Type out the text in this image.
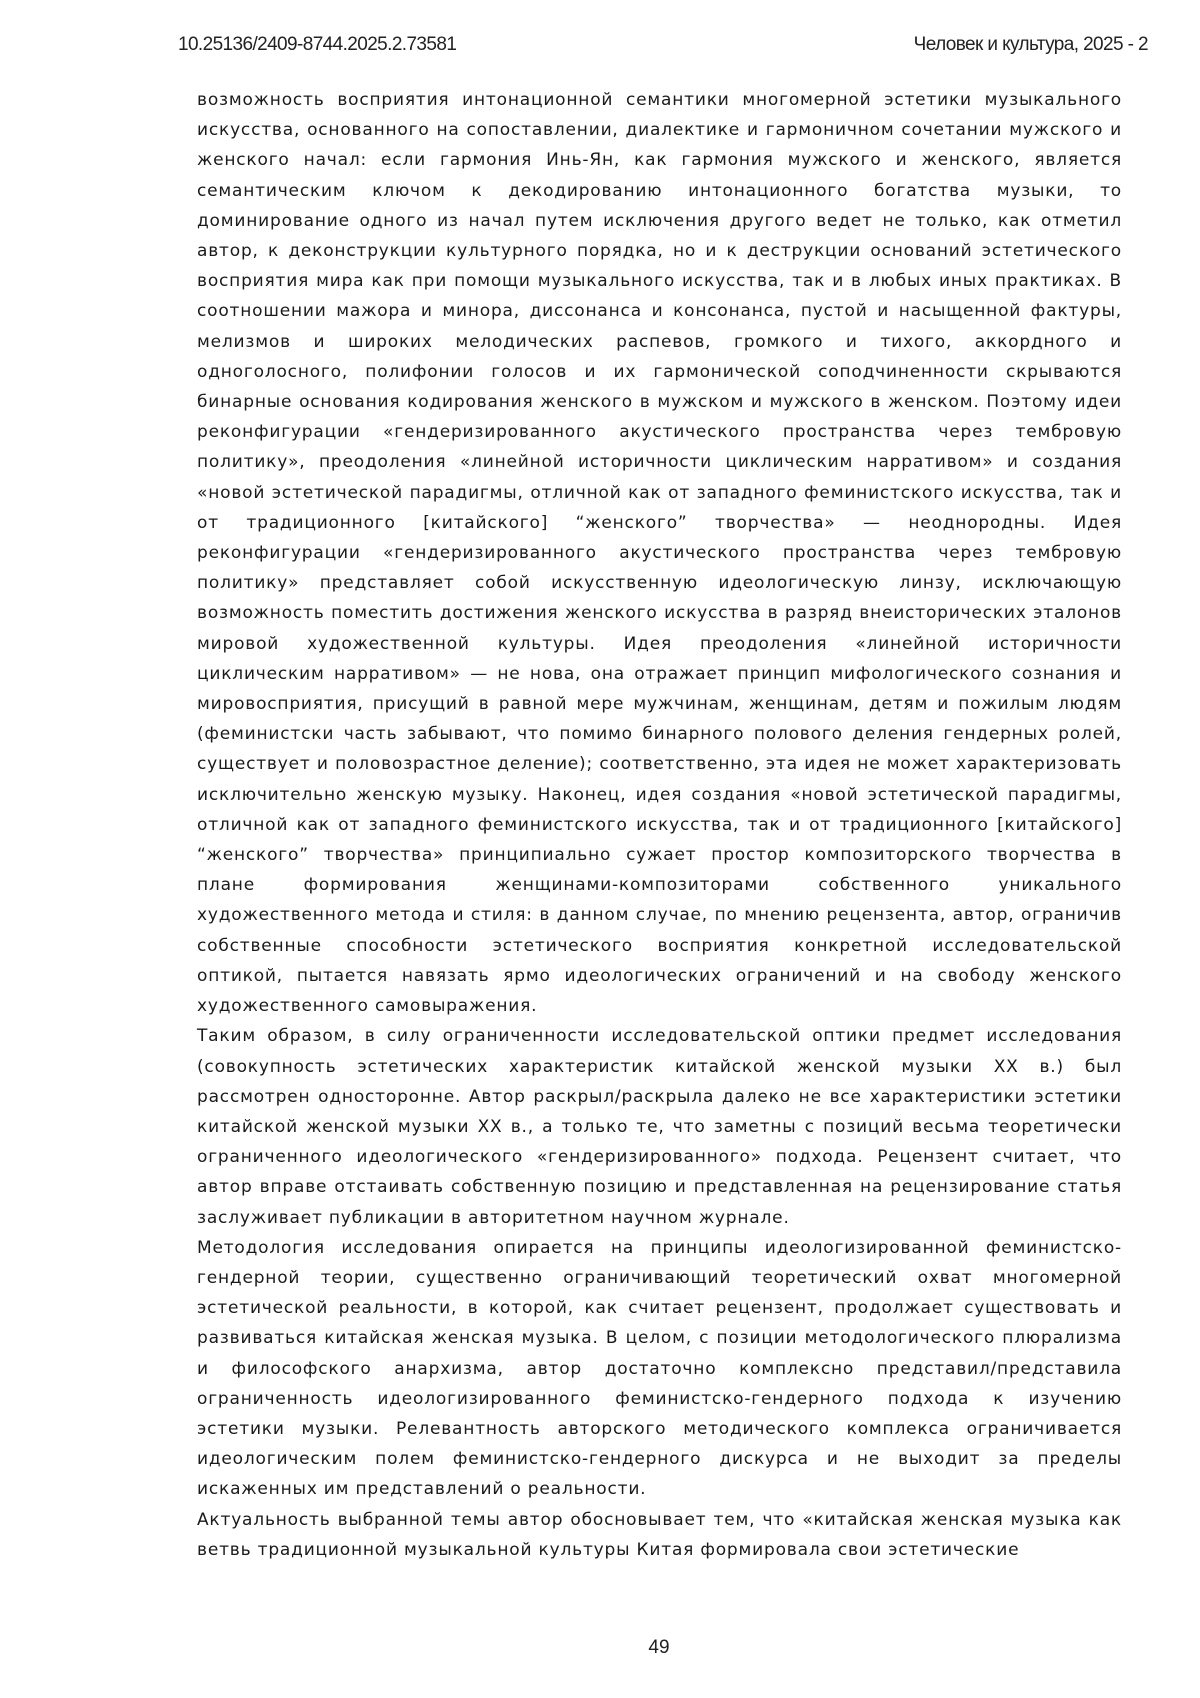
10.25136/2409-8744.2025.2.73581	Человек и культура, 2025 - 2

возможность восприятия интонационной семантики многомерной эстетики музыкального искусства, основанного на сопоставлении, диалектике и гармоничном сочетании мужского и женского начал: если гармония Инь-Ян, как гармония мужского и женского, является семантическим ключом к декодированию интонационного богатства музыки, то доминирование одного из начал путем исключения другого ведет не только, как отметил автор, к деконструкции культурного порядка, но и к деструкции оснований эстетического восприятия мира как при помощи музыкального искусства, так и в любых иных практиках. В соотношении мажора и минора, диссонанса и консонанса, пустой и насыщенной фактуры, мелизмов и широких мелодических распевов, громкого и тихого, аккордного и одноголосного, полифонии голосов и их гармонической соподчиненности скрываются бинарные основания кодирования женского в мужском и мужского в женском. Поэтому идеи реконфигурации «гендеризированного акустического пространства через тембровую политику», преодоления «линейной историчности циклическим нарративом» и создания «новой эстетической парадигмы, отличной как от западного феминистского искусства, так и от традиционного [китайского] “женского” творчества» — неоднородны. Идея реконфигурации «гендеризированного акустического пространства через тембровую политику» представляет собой искусственную идеологическую линзу, исключающую возможность поместить достижения женского искусства в разряд внеисторических эталонов мировой художественной культуры. Идея преодоления «линейной историчности циклическим нарративом» — не нова, она отражает принцип мифологического сознания и мировосприятия, присущий в равной мере мужчинам, женщинам, детям и пожилым людям (феминистски часть забывают, что помимо бинарного полового деления гендерных ролей, существует и половозрастное деление); соответственно, эта идея не может характеризовать исключительно женскую музыку. Наконец, идея создания «новой эстетической парадигмы, отличной как от западного феминистского искусства, так и от традиционного [китайского] “женского” творчества» принципиально сужает простор композиторского творчества в плане формирования женщинами-композиторами собственного уникального художественного метода и стиля: в данном случае, по мнению рецензента, автор, ограничив собственные способности эстетического восприятия конкретной исследовательской оптикой, пытается навязать ярмо идеологических ограничений и на свободу женского художественного самовыражения.

Таким образом, в силу ограниченности исследовательской оптики предмет исследования (совокупность эстетических характеристик китайской женской музыки XX в.) был рассмотрен односторонне. Автор раскрыл/раскрыла далеко не все характеристики эстетики китайской женской музыки XX в., а только те, что заметны с позиций весьма теоретически ограниченного идеологического «гендеризированного» подхода. Рецензент считает, что автор вправе отстаивать собственную позицию и представленная на рецензирование статья заслуживает публикации в авторитетном научном журнале.

Методология исследования опирается на принципы идеологизированной феминистско-гендерной теории, существенно ограничивающий теоретический охват многомерной эстетической реальности, в которой, как считает рецензент, продолжает существовать и развиваться китайская женская музыка. В целом, с позиции методологического плюрализма и философского анархизма, автор достаточно комплексно представил/представила ограниченность идеологизированного феминистско-гендерного подхода к изучению эстетики музыки. Релевантность авторского методического комплекса ограничивается идеологическим полем феминистско-гендерного дискурса и не выходит за пределы искаженных им представлений о реальности.

Актуальность выбранной темы автор обосновывает тем, что «китайская женская музыка как ветвь традиционной музыкальной культуры Китая формировала свои эстетические

49
